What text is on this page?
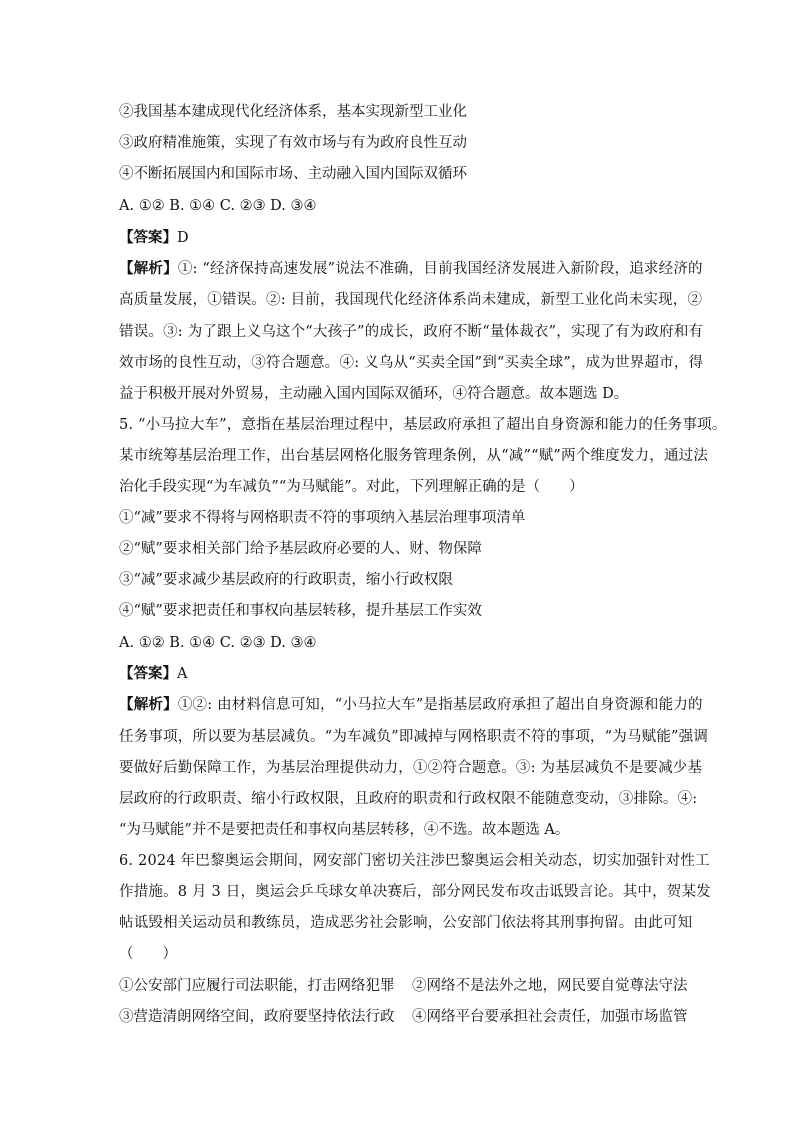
②我国基本建成现代化经济体系，基本实现新型工业化
③政府精准施策，实现了有效市场与有为政府良性互动
④不断拓展国内和国际市场、主动融入国内国际双循环
A. ①② B. ①④ C. ②③ D. ③④
【答案】D
【解析】①: “经济保持高速发展”说法不准确，目前我国经济发展进入新阶段，追求经济的
高质量发展，①错误。②: 目前，我国现代化经济体系尚未建成，新型工业化尚未实现，②
错误。③: 为了跟上义乌这个“大孩子”的成长，政府不断“量体裁衣”，实现了有为政府和有
效市场的良性互动，③符合题意。④: 义乌从“买卖全国”到“买卖全球”，成为世界超市，得
益于积极开展对外贸易，主动融入国内国际双循环，④符合题意。故本题选 D。
5. “小马拉大车”，意指在基层治理过程中，基层政府承担了超出自身资源和能力的任务事项。
某市统筹基层治理工作，出台基层网格化服务管理条例，从“减”“赋”两个维度发力，通过法
治化手段实现“为车减负”“为马赋能”。对此，下列理解正确的是（　　）
①“减”要求不得将与网格职责不符的事项纳入基层治理事项清单
②“赋”要求相关部门给予基层政府必要的人、财、物保障
③“减”要求减少基层政府的行政职责，缩小行政权限
④“赋”要求把责任和事权向基层转移，提升基层工作实效
A. ①② B. ①④ C. ②③ D. ③④
【答案】A
【解析】①②: 由材料信息可知，“小马拉大车”是指基层政府承担了超出自身资源和能力的
任务事项，所以要为基层减负。“为车减负”即减掉与网格职责不符的事项，“为马赋能”强调
要做好后勤保障工作，为基层治理提供动力，①②符合题意。③: 为基层减负不是要减少基
层政府的行政职责、缩小行政权限，且政府的职责和行政权限不能随意变动，③排除。④:
“为马赋能”并不是要把责任和事权向基层转移，④不选。故本题选 A。
6. 2024 年巴黎奥运会期间，网安部门密切关注涉巴黎奥运会相关动态，切实加强针对性工
作措施。8 月 3 日，奥运会乒乓球女单决赛后，部分网民发布攻击诋毁言论。其中，贺某发
帖诋毁相关运动员和教练员，造成恶劣社会影响，公安部门依法将其刑事拘留。由此可知
（　　）
①公安部门应履行司法职能，打击网络犯罪 ②网络不是法外之地，网民要自觉尊法守法
③营造清朗网络空间，政府要坚持依法行政 ④网络平台要承担社会责任，加强市场监管
